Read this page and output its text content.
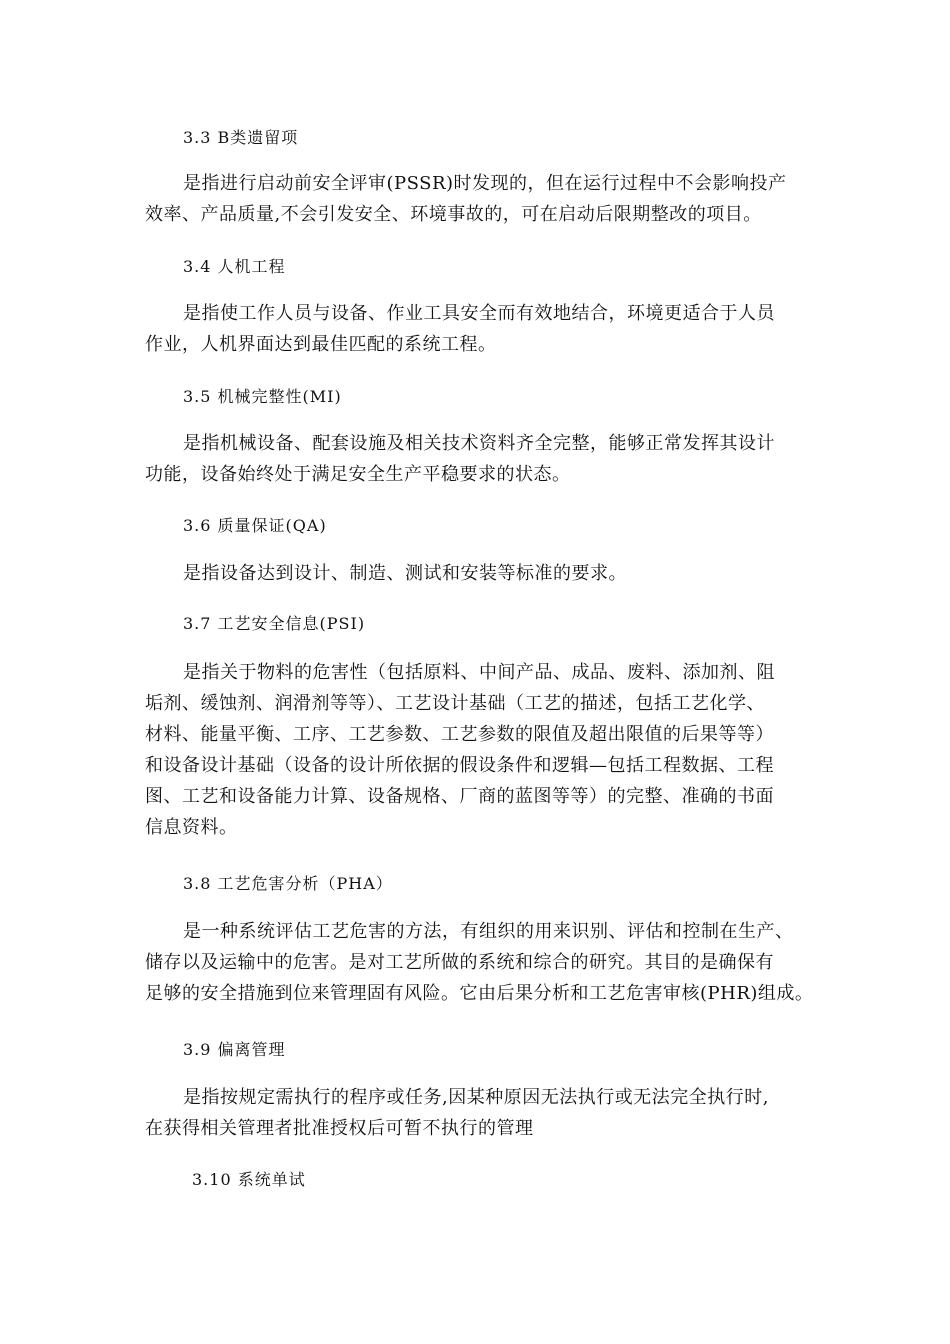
3.3 B类遗留项
是指进行启动前安全评审(PSSR)时发现的，但在运行过程中不会影响投产
效率、产品质量,不会引发安全、环境事故的，可在启动后限期整改的项目。
3.4 人机工程
是指使工作人员与设备、作业工具安全而有效地结合，环境更适合于人员
作业，人机界面达到最佳匹配的系统工程。
3.5 机械完整性(MI)
是指机械设备、配套设施及相关技术资料齐全完整，能够正常发挥其设计
功能，设备始终处于满足安全生产平稳要求的状态。
3.6 质量保证(QA)
是指设备达到设计、制造、测试和安装等标准的要求。
3.7 工艺安全信息(PSI)
是指关于物料的危害性（包括原料、中间产品、成品、废料、添加剂、阻
垢剂、缓蚀剂、润滑剂等等）、工艺设计基础（工艺的描述，包括工艺化学、
材料、能量平衡、工序、工艺参数、工艺参数的限值及超出限值的后果等等）
和设备设计基础（设备的设计所依据的假设条件和逻辑—包括工程数据、工程
图、工艺和设备能力计算、设备规格、厂商的蓝图等等）的完整、准确的书面
信息资料。
3.8 工艺危害分析（PHA）
是一种系统评估工艺危害的方法，有组织的用来识别、评估和控制在生产、
储存以及运输中的危害。是对工艺所做的系统和综合的研究。其目的是确保有
足够的安全措施到位来管理固有风险。它由后果分析和工艺危害审核(PHR)组成。
3.9 偏离管理
是指按规定需执行的程序或任务,因某种原因无法执行或无法完全执行时,
在获得相关管理者批准授权后可暂不执行的管理
3.10 系统单试
